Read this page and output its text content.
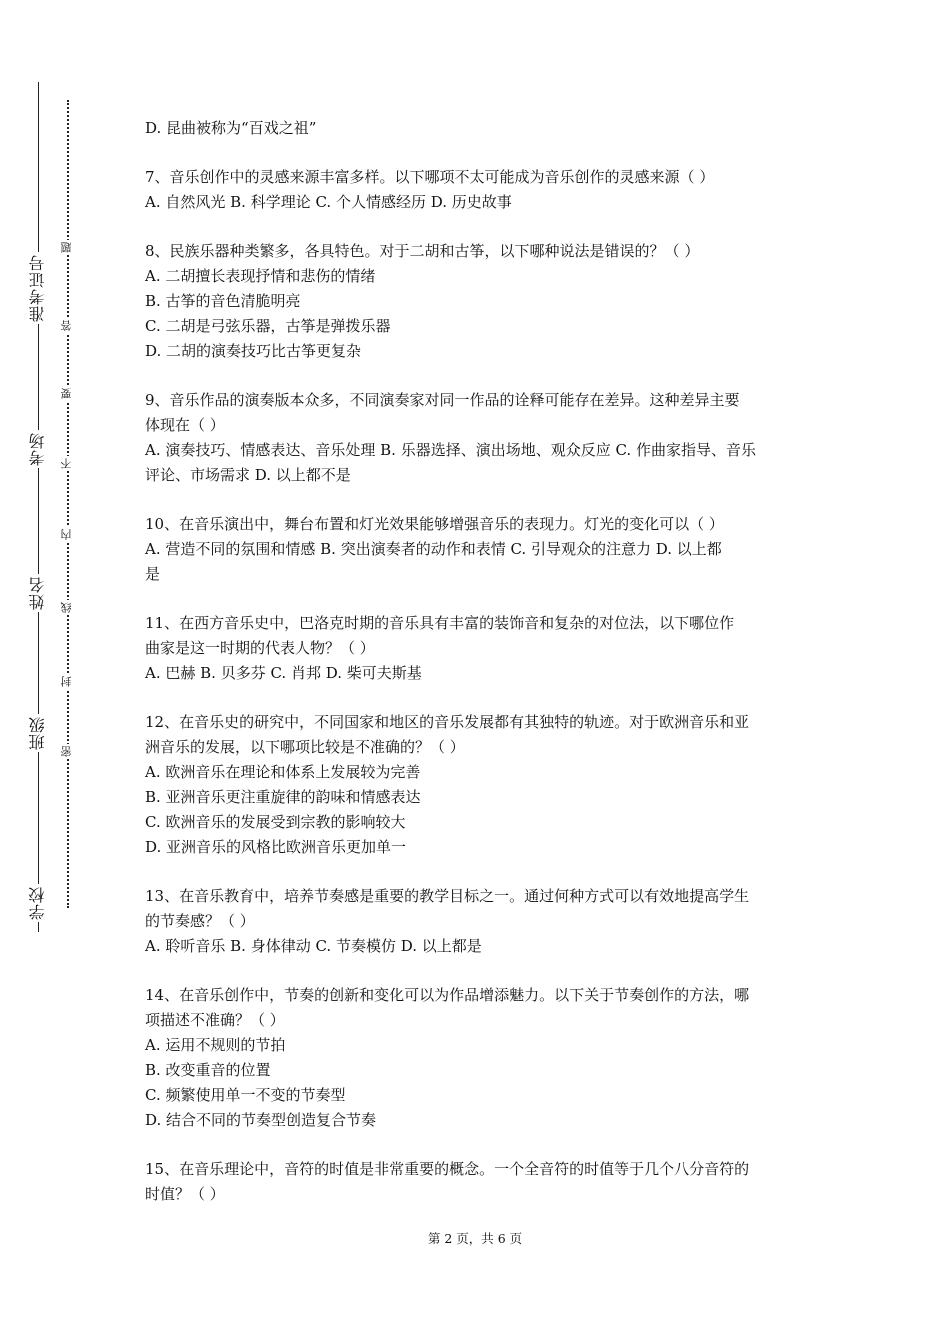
准考证号
考场
姓名
班级
学校
题
答
要
不
内
线
封
密
D. 昆曲被称为“百戏之祖”
7、音乐创作中的灵感来源丰富多样。以下哪项不太可能成为音乐创作的灵感来源（ ）
A. 自然风光 B. 科学理论 C. 个人情感经历 D. 历史故事
8、民族乐器种类繁多，各具特色。对于二胡和古筝，以下哪种说法是错误的？（ ）
A. 二胡擅长表现抒情和悲伤的情绪
B. 古筝的音色清脆明亮
C. 二胡是弓弦乐器，古筝是弹拨乐器
D. 二胡的演奏技巧比古筝更复杂
9、音乐作品的演奏版本众多，不同演奏家对同一作品的诠释可能存在差异。这种差异主要
体现在（ ）
A. 演奏技巧、情感表达、音乐处理 B. 乐器选择、演出场地、观众反应 C. 作曲家指导、音乐
评论、市场需求 D. 以上都不是
10、在音乐演出中，舞台布置和灯光效果能够增强音乐的表现力。灯光的变化可以（ ）
A. 营造不同的氛围和情感 B. 突出演奏者的动作和表情 C. 引导观众的注意力 D. 以上都
是
11、在西方音乐史中，巴洛克时期的音乐具有丰富的装饰音和复杂的对位法，以下哪位作
曲家是这一时期的代表人物？（ ）
A. 巴赫 B. 贝多芬 C. 肖邦 D. 柴可夫斯基
12、在音乐史的研究中，不同国家和地区的音乐发展都有其独特的轨迹。对于欧洲音乐和亚
洲音乐的发展，以下哪项比较是不准确的？（ ）
A. 欧洲音乐在理论和体系上发展较为完善
B. 亚洲音乐更注重旋律的韵味和情感表达
C. 欧洲音乐的发展受到宗教的影响较大
D. 亚洲音乐的风格比欧洲音乐更加单一
13、在音乐教育中，培养节奏感是重要的教学目标之一。通过何种方式可以有效地提高学生
的节奏感？（ ）
A. 聆听音乐 B. 身体律动 C. 节奏模仿 D. 以上都是
14、在音乐创作中，节奏的创新和变化可以为作品增添魅力。以下关于节奏创作的方法，哪
项描述不准确？（ ）
A. 运用不规则的节拍
B. 改变重音的位置
C. 频繁使用单一不变的节奏型
D. 结合不同的节奏型创造复合节奏
15、在音乐理论中，音符的时值是非常重要的概念。一个全音符的时值等于几个八分音符的
时值？（ ）
第 2 页，共 6 页
